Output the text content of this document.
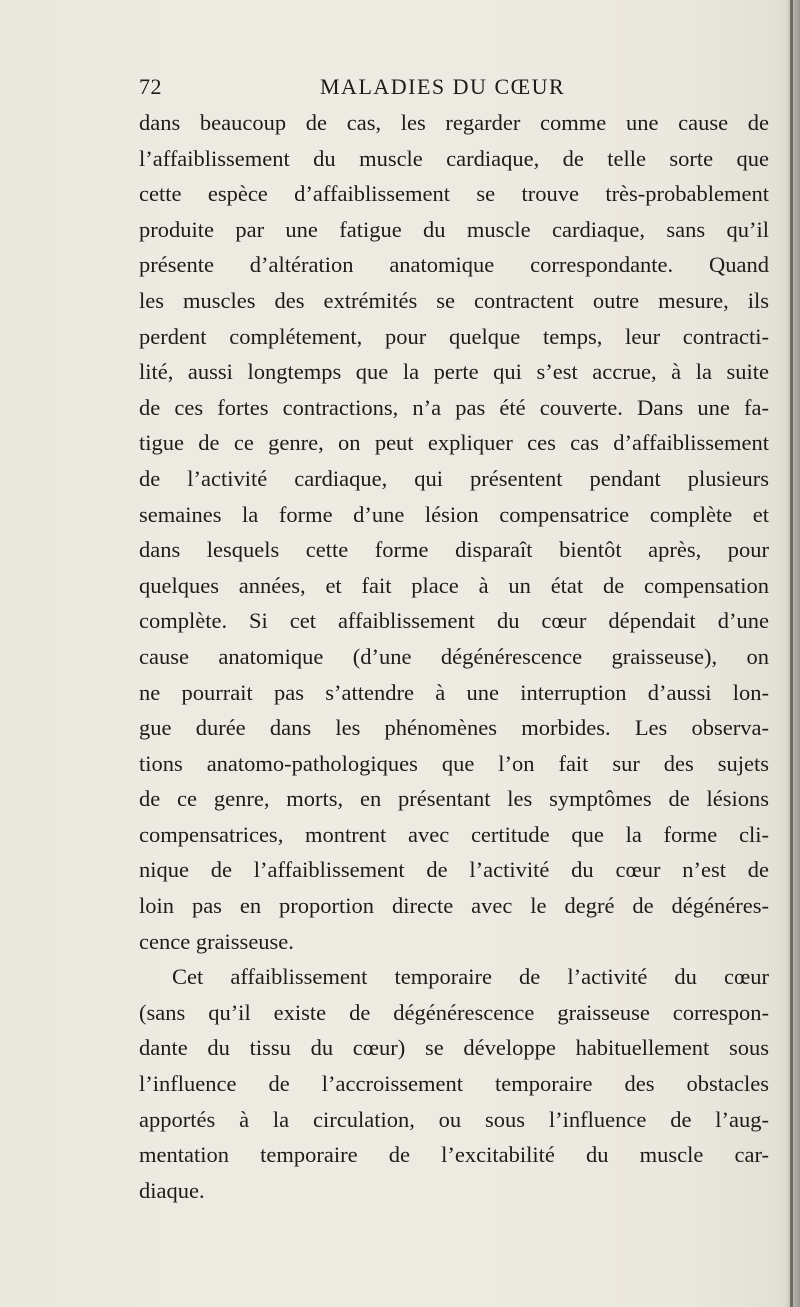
72	MALADIES DU CŒUR
dans beaucoup de cas, les regarder comme une cause de
l’affaiblissement du muscle cardiaque, de telle sorte que
cette espèce d’affaiblissement se trouve très-probablement
produite par une fatigue du muscle cardiaque, sans qu’il
présente d’altération anatomique correspondante. Quand
les muscles des extrémités se contractent outre mesure, ils
perdent complétement, pour quelque temps, leur contracti-
lité, aussi longtemps que la perte qui s’est accrue, à la suite
de ces fortes contractions, n’a pas été couverte. Dans une fa-
tigue de ce genre, on peut expliquer ces cas d’affaiblissement
de l’activité cardiaque, qui présentent pendant plusieurs
semaines la forme d’une lésion compensatrice complète et
dans lesquels cette forme disparaît bientôt après, pour
quelques années, et fait place à un état de compensation
complète. Si cet affaiblissement du cœur dépendait d’une
cause anatomique (d’une dégénérescence graisseuse), on
ne pourrait pas s’attendre à une interruption d’aussi lon-
gue durée dans les phénomènes morbides. Les observa-
tions anatomo-pathologiques que l’on fait sur des sujets
de ce genre, morts, en présentant les symptômes de lésions
compensatrices, montrent avec certitude que la forme cli-
nique de l’affaiblissement de l’activité du cœur n’est de
loin pas en proportion directe avec le degré de dégénéres-
cence graisseuse.
Cet affaiblissement temporaire de l’activité du cœur
(sans qu’il existe de dégénérescence graisseuse correspon-
dante du tissu du cœur) se développe habituellement sous
l’influence de l’accroissement temporaire des obstacles
apportés à la circulation, ou sous l’influence de l’aug-
mentation temporaire de l’excitabilité du muscle car-
diaque.
